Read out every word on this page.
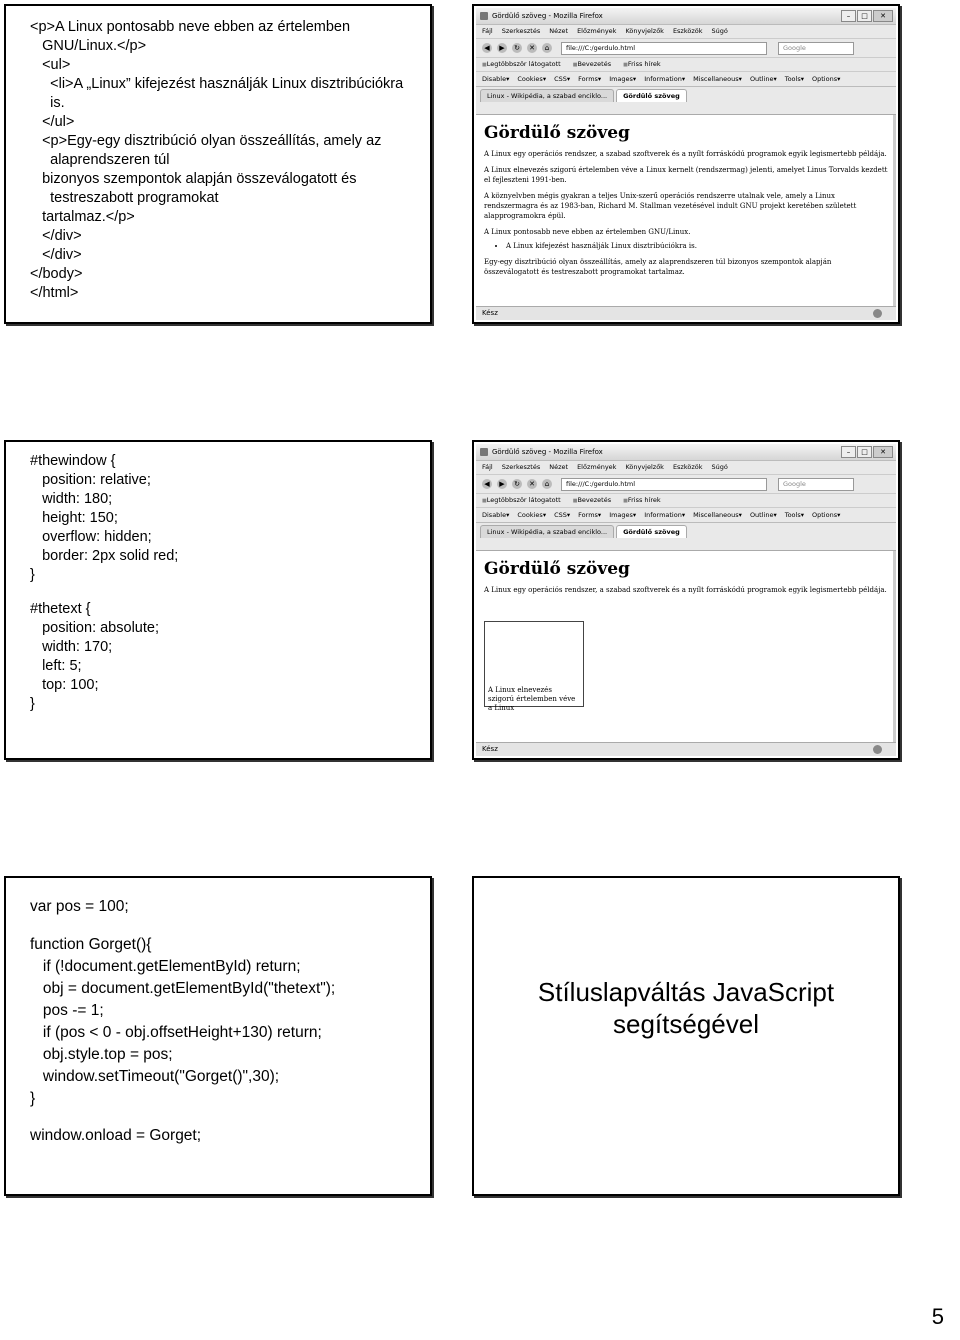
<p>A Linux pontosabb neve ebben az értelemben
GNU/Linux.</p>
<ul>
<li>A „Linux” kifejezést használják Linux disztribúciókra
is.
</ul>
<p>Egy-egy disztribúció olyan összeállítás, amely az
alaprendszeren túl
bizonyos szempontok alapján összeválogatott és
testreszabott programokat
tartalmaz.</p>
</div>
</div>
</body>
</html>
Gördülő szöveg - Mozilla Firefox	–	□	✕
Fájl Szerkesztés Nézet Előzmények Könyvjelzők Eszközök Súgó
◀	▶	↻ ✕	⌂	file:///C:/gerdulo.html	Google
■ Legtöbbször látogatott	■ Bevezetés	■ Friss hírek
Disable▾ Cookies▾ CSS▾ Forms▾ Images▾ Information▾ Miscellaneous▾ Outline▾ Tools▾ Options▾
Linux - Wikipédia, a szabad enciklo...	Gördülő szöveg
Gördülő szöveg

A Linux egy operációs rendszer, a szabad szoftverek és a nyílt forráskódú programok egyik legismertebb példája.

A Linux elnevezés szigorú értelemben véve a Linux kernelt (rendszermag) jelenti, amelyet Linus Torvalds kezdett el fejleszteni 1991-ben.

A köznyelvben mégis gyakran a teljes Unix-szerű operációs rendszerre utalnak vele, amely a Linux rendszermagra és az 1983-ban, Richard M. Stallman vezetésével indult GNU projekt keretében született alapprogramokra épül.

A Linux pontosabb neve ebben az értelemben GNU/Linux.

• A Linux kifejezést használják Linux disztribúciókra is.

Egy-egy disztribúció olyan összeállítás, amely az alaprendszeren túl bizonyos szempontok alapján összeválogatott és testreszabott programokat tartalmaz.

Kész
#thewindow {
position: relative;
width: 180;
height: 150;
overflow: hidden;
border: 2px solid red;
}
#thetext {
position: absolute;
width: 170;
left: 5;
top: 100;
}
Gördülő szöveg - Mozilla Firefox	–	□	✕
Fájl Szerkesztés Nézet Előzmények Könyvjelzők Eszközök Súgó
◀	▶	↻ ✕	⌂	file:///C:/gerdulo.html	Google
■ Legtöbbször látogatott	■ Bevezetés	■ Friss hírek
Disable▾ Cookies▾ CSS▾ Forms▾ Images▾ Information▾ Miscellaneous▾ Outline▾ Tools▾ Options▾
Linux - Wikipédia, a szabad enciklo...	Gördülő szöveg
Gördülő szöveg

A Linux egy operációs rendszer, a szabad szoftverek és a nyílt forráskódú programok egyik legismertebb példája.

A Linux elnevezés szigorú értelemben véve a Linux
Kész
var pos = 100;
function Gorget(){
if (!document.getElementById) return;
obj = document.getElementById("thetext");
pos -= 1;
if (pos < 0 - obj.offsetHeight+130) return;
obj.style.top = pos;
window.setTimeout("Gorget()",30);
}
window.onload = Gorget;
Stíluslapváltás JavaScript
segítségével
5
